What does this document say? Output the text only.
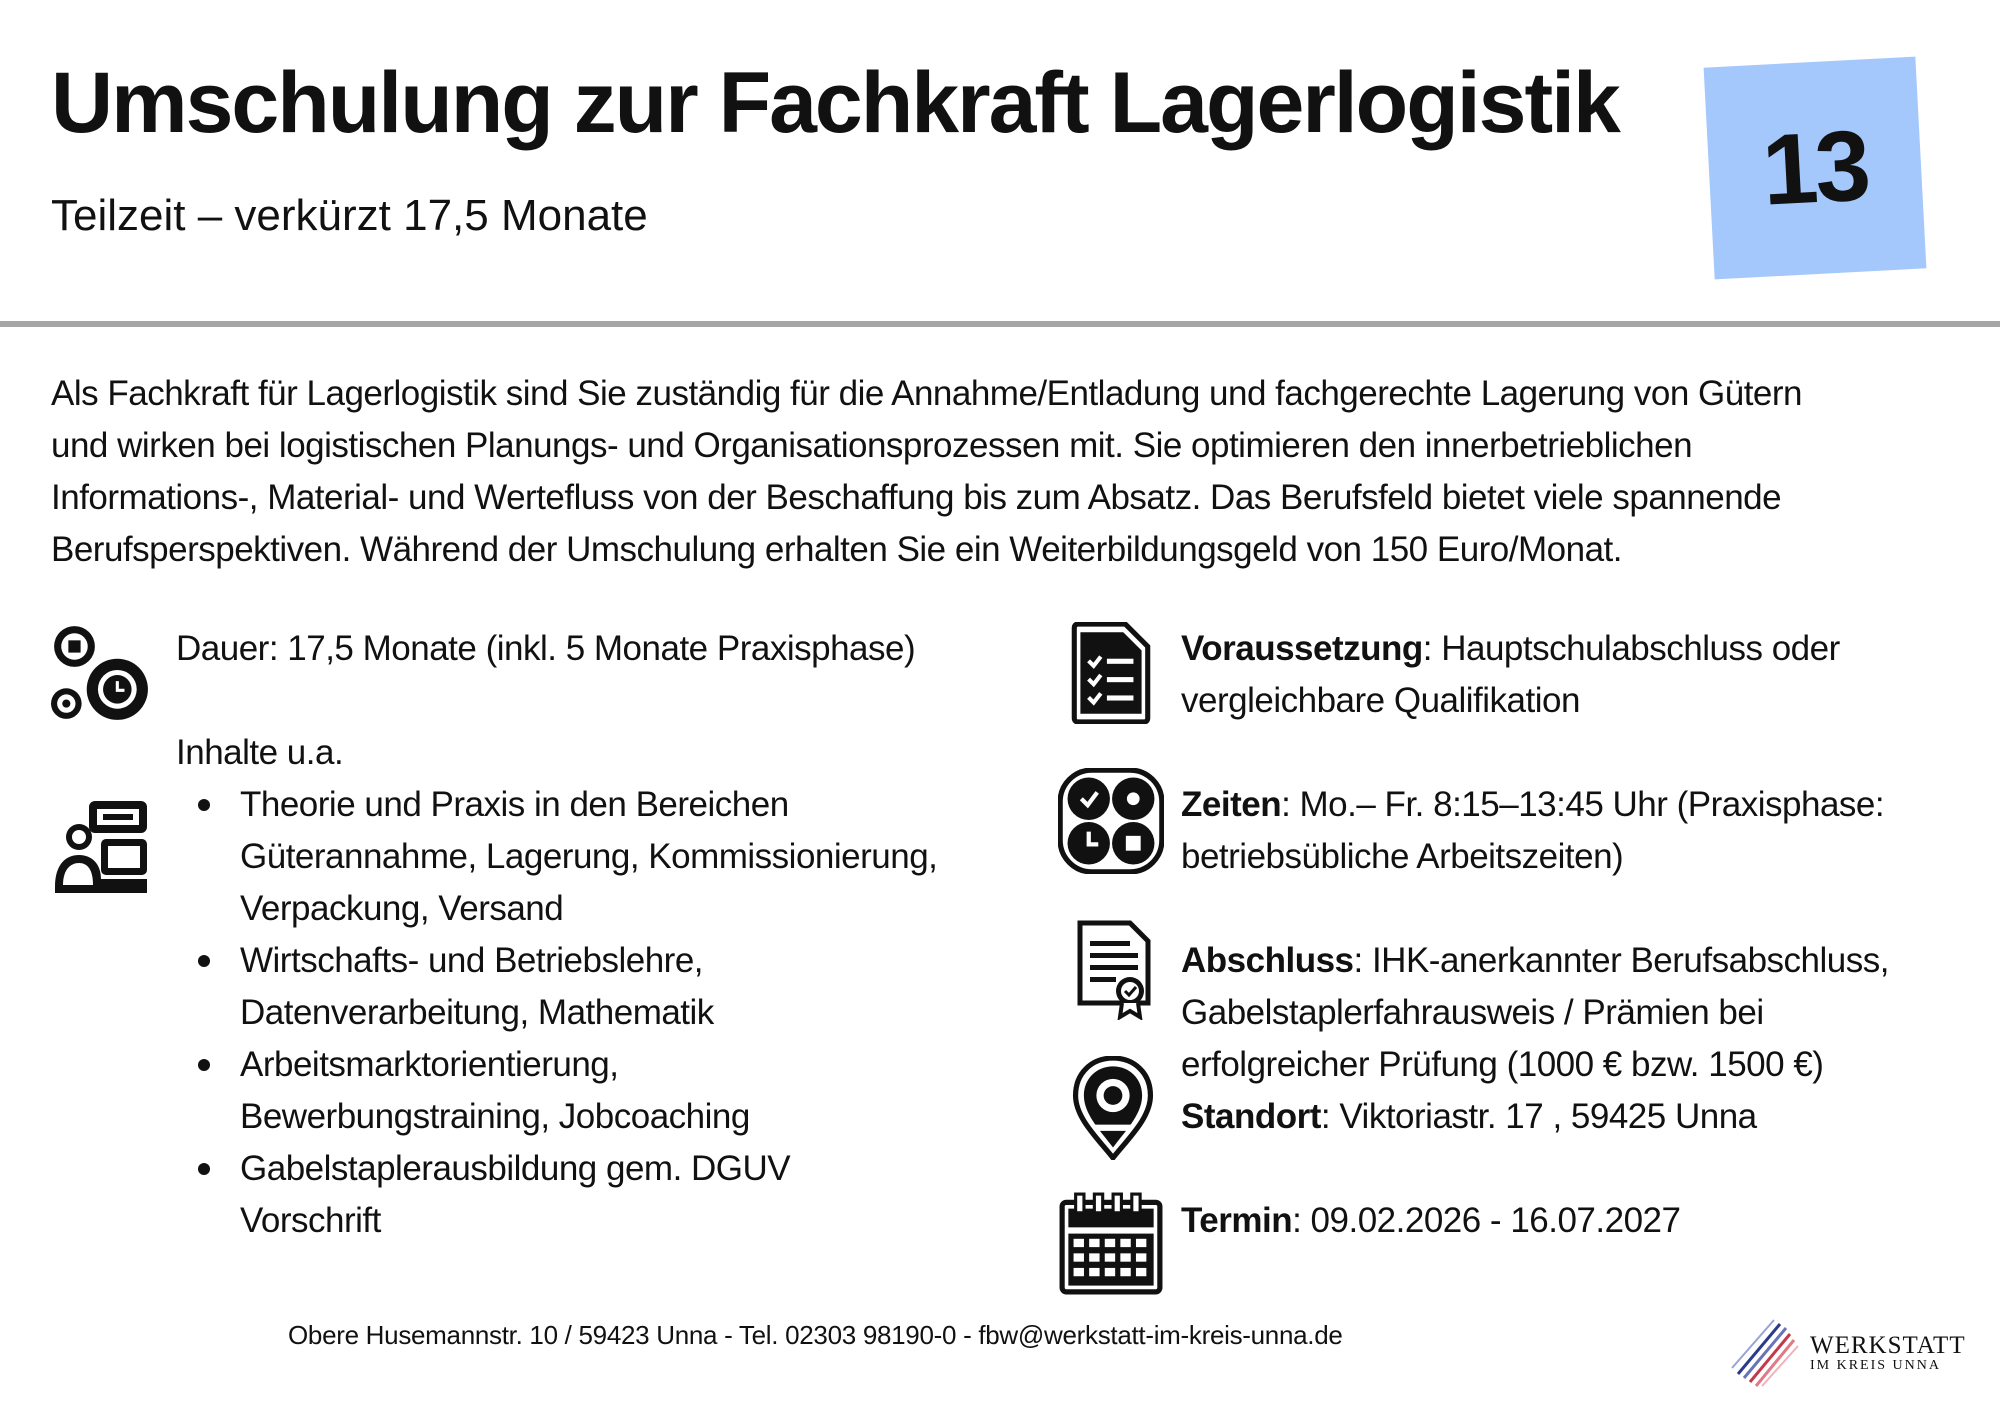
Umschulung zur Fachkraft Lagerlogistik
Teilzeit – verkürzt 17,5 Monate	13

Als Fachkraft für Lagerlogistik sind Sie zuständig für die Annahme/Entladung und fachgerechte Lagerung von Gütern

und wirken bei logistischen Planungs- und Organisationsprozessen mit. Sie optimieren den innerbetrieblichen

Informations-, Material- und Wertefluss von der Beschaffung bis zum Absatz. Das Berufsfeld bietet viele spannende

Berufsperspektiven. Während der Umschulung erhalten Sie ein Weiterbildungsgeld von 150 Euro/Monat.

Dauer: 17,5 Monate (inkl. 5 Monate Praxisphase)
Inhalte u.a.
Theorie und Praxis in den Bereichen
Güterannahme, Lagerung, Kommissionierung,
Verpackung, Versand
Wirtschafts- und Betriebslehre,
Datenverarbeitung, Mathematik
Arbeitsmarktorientierung,
Bewerbungstraining, Jobcoaching
Gabelstaplerausbildung gem. DGUV
Vorschrift
Voraussetzung: Hauptschulabschluss oder
vergleichbare Qualifikation
Zeiten: Mo.– Fr. 8:15–13:45 Uhr (Praxisphase:
betriebsübliche Arbeitszeiten)
Abschluss: IHK-anerkannter Berufsabschluss,
Gabelstaplerfahrausweis / Prämien bei
erfolgreicher Prüfung (1000 € bzw. 1500 €)
Standort: Viktoriastr. 17 , 59425 Unna
Termin: 09.02.2026 - 16.07.2027
Obere Husemannstr. 10 / 59423 Unna - Tel. 02303 98190-0 - fbw@werkstatt-im-kreis-unna.de	WERKSTATT
IM KREIS UNNA
